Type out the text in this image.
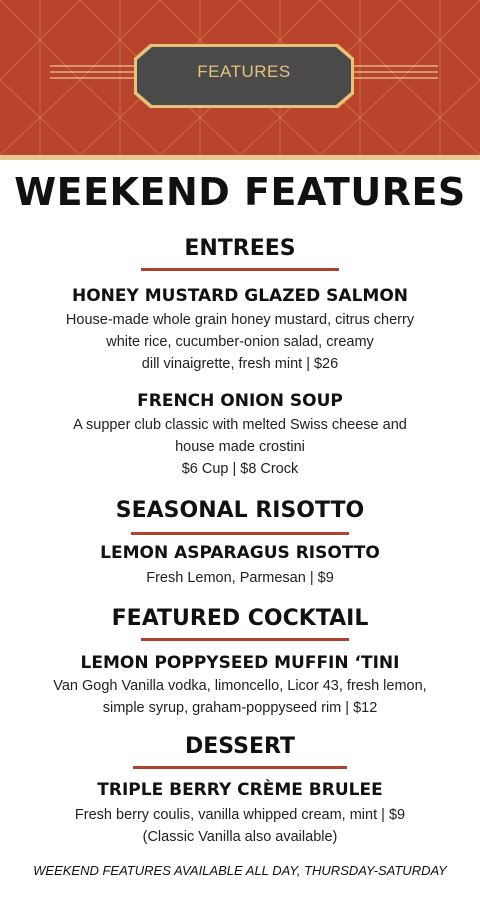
FEATURES
WEEKEND FEATURES
ENTREES
HONEY MUSTARD GLAZED SALMON
House-made whole grain honey mustard, citrus cherry
white rice, cucumber-onion salad, creamy
dill vinaigrette, fresh mint | $26
FRENCH ONION SOUP
A supper club classic with melted Swiss cheese and
house made crostini
$6 Cup | $8 Crock
SEASONAL RISOTTO
LEMON ASPARAGUS RISOTTO
Fresh Lemon, Parmesan | $9
FEATURED COCKTAIL
LEMON POPPYSEED MUFFIN ‘TINI
Van Gogh Vanilla vodka, limoncello, Licor 43, fresh lemon,
simple syrup, graham-poppyseed rim | $12
DESSERT
TRIPLE BERRY CRÈME BRULEE
Fresh berry coulis, vanilla whipped cream, mint | $9
(Classic Vanilla also available)
WEEKEND FEATURES AVAILABLE ALL DAY, THURSDAY-SATURDAY
